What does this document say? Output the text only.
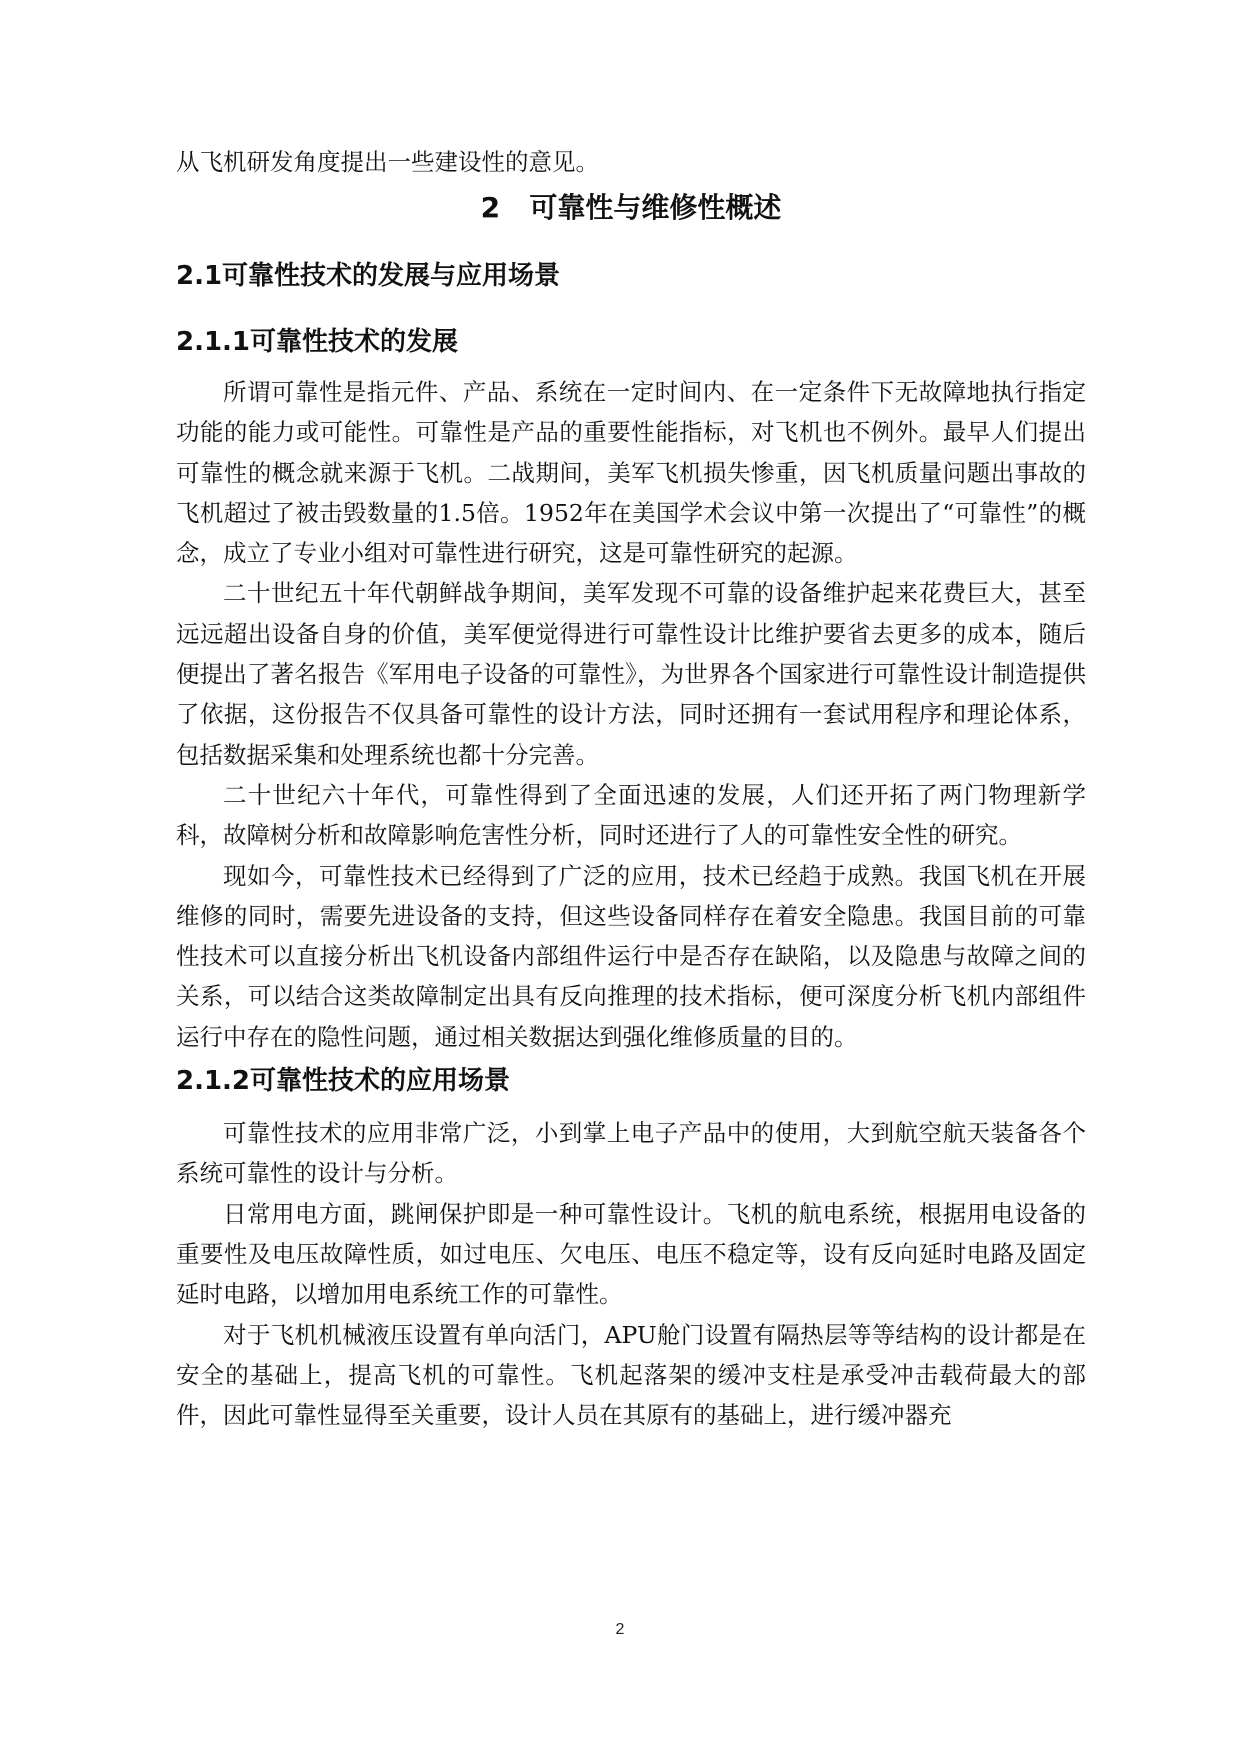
从飞机研发角度提出一些建设性的意见。

2 可靠性与维修性概述
2.1可靠性技术的发展与应用场景
2.1.1可靠性技术的发展

所谓可靠性是指元件、产品、系统在一定时间内、在一定条件下无故障地执行指定功能的能力或可能性。可靠性是产品的重要性能指标，对飞机也不例外。最早人们提出可靠性的概念就来源于飞机。二战期间，美军飞机损失惨重，因飞机质量问题出事故的飞机超过了被击毁数量的1.5倍。1952年在美国学术会议中第一次提出了“可靠性”的概念，成立了专业小组对可靠性进行研究，这是可靠性研究的起源。

二十世纪五十年代朝鲜战争期间，美军发现不可靠的设备维护起来花费巨大，甚至远远超出设备自身的价值，美军便觉得进行可靠性设计比维护要省去更多的成本，随后便提出了著名报告《军用电子设备的可靠性》，为世界各个国家进行可靠性设计制造提供了依据，这份报告不仅具备可靠性的设计方法，同时还拥有一套试用程序和理论体系，包括数据采集和处理系统也都十分完善。

二十世纪六十年代，可靠性得到了全面迅速的发展，人们还开拓了两门物理新学科，故障树分析和故障影响危害性分析，同时还进行了人的可靠性安全性的研究。

现如今，可靠性技术已经得到了广泛的应用，技术已经趋于成熟。我国飞机在开展维修的同时，需要先进设备的支持，但这些设备同样存在着安全隐患。我国目前的可靠性技术可以直接分析出飞机设备内部组件运行中是否存在缺陷，以及隐患与故障之间的关系，可以结合这类故障制定出具有反向推理的技术指标，便可深度分析飞机内部组件运行中存在的隐性问题，通过相关数据达到强化维修质量的目的。

2.1.2可靠性技术的应用场景

可靠性技术的应用非常广泛，小到掌上电子产品中的使用，大到航空航天装备各个系统可靠性的设计与分析。

日常用电方面，跳闸保护即是一种可靠性设计。飞机的航电系统，根据用电设备的重要性及电压故障性质，如过电压、欠电压、电压不稳定等，设有反向延时电路及固定延时电路，以增加用电系统工作的可靠性。

对于飞机机械液压设置有单向活门，APU舱门设置有隔热层等等结构的设计都是在安全的基础上，提高飞机的可靠性。飞机起落架的缓冲支柱是承受冲击载荷最大的部件，因此可靠性显得至关重要，设计人员在其原有的基础上，进行缓冲器充

2
